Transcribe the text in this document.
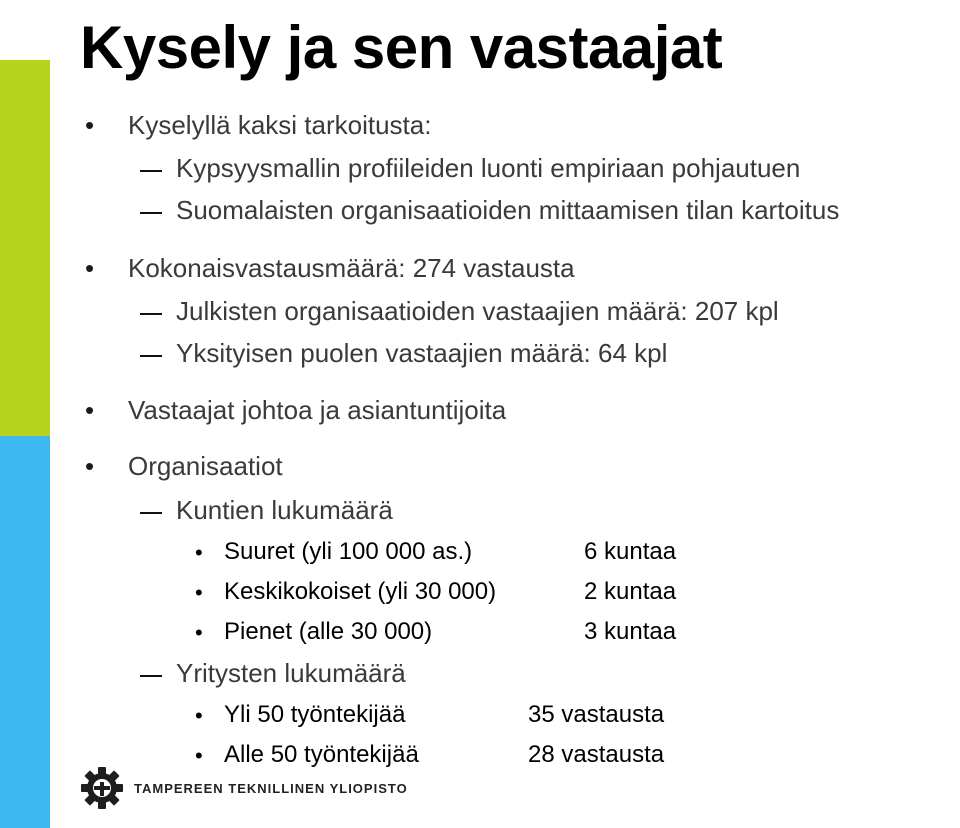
Kysely ja sen vastaajat
• Kyselyllä kaksi tarkoitusta:
Kypsyysmallin profiileiden luonti empiriaan pohjautuen
Suomalaisten organisaatioiden mittaamisen tilan kartoitus
• Kokonaisvastausmäärä: 274 vastausta
Julkisten organisaatioiden vastaajien määrä: 207 kpl
Yksityisen puolen vastaajien määrä: 64 kpl
• Vastaajat johtoa ja asiantuntijoita
• Organisaatiot
Kuntien lukumäärä
• Suuret (yli 100 000 as.)	6 kuntaa
• Keskikokoiset (yli 30 000)	2 kuntaa
• Pienet (alle 30 000)	3 kuntaa
Yritysten lukumäärä
• Yli 50 työntekijää	35 vastausta
• Alle 50 työntekijää	28 vastausta
TAMPEREEN TEKNILLINEN YLIOPISTO
